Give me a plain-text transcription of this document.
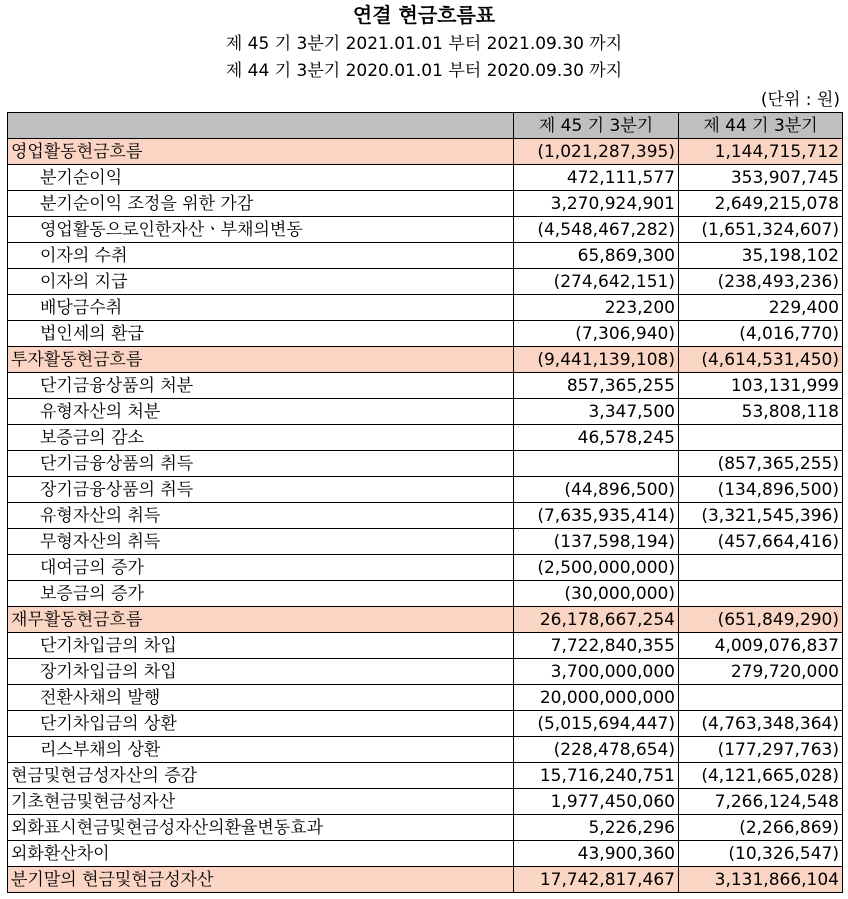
연결 현금흐름표
제 45 기 3분기 2021.01.01 부터 2021.09.30 까지
제 44 기 3분기 2020.01.01 부터 2020.09.30 까지
(단위 : 원)
	제 45 기 3분기	제 44 기 3분기
영업활동현금흐름	(1,021,287,395)	1,144,715,712
분기순이익	472,111,577	353,907,745
분기순이익 조정을 위한 가감	3,270,924,901	2,649,215,078
영업활동으로인한자산ㆍ부채의변동	(4,548,467,282)	(1,651,324,607)
이자의 수취	65,869,300	35,198,102
이자의 지급	(274,642,151)	(238,493,236)
배당금수취	223,200	229,400
법인세의 환급	(7,306,940)	(4,016,770)
투자활동현금흐름	(9,441,139,108)	(4,614,531,450)
단기금융상품의 처분	857,365,255	103,131,999
유형자산의 처분	3,347,500	53,808,118
보증금의 감소	46,578,245	
단기금융상품의 취득		(857,365,255)
장기금융상품의 취득	(44,896,500)	(134,896,500)
유형자산의 취득	(7,635,935,414)	(3,321,545,396)
무형자산의 취득	(137,598,194)	(457,664,416)
대여금의 증가	(2,500,000,000)	
보증금의 증가	(30,000,000)	
재무활동현금흐름	26,178,667,254	(651,849,290)
단기차입금의 차입	7,722,840,355	4,009,076,837
장기차입금의 차입	3,700,000,000	279,720,000
전환사채의 발행	20,000,000,000	
단기차입금의 상환	(5,015,694,447)	(4,763,348,364)
리스부채의 상환	(228,478,654)	(177,297,763)
현금및현금성자산의 증감	15,716,240,751	(4,121,665,028)
기초현금및현금성자산	1,977,450,060	7,266,124,548
외화표시현금및현금성자산의환율변동효과	5,226,296	(2,266,869)
외화환산차이	43,900,360	(10,326,547)
분기말의 현금및현금성자산	17,742,817,467	3,131,866,104
